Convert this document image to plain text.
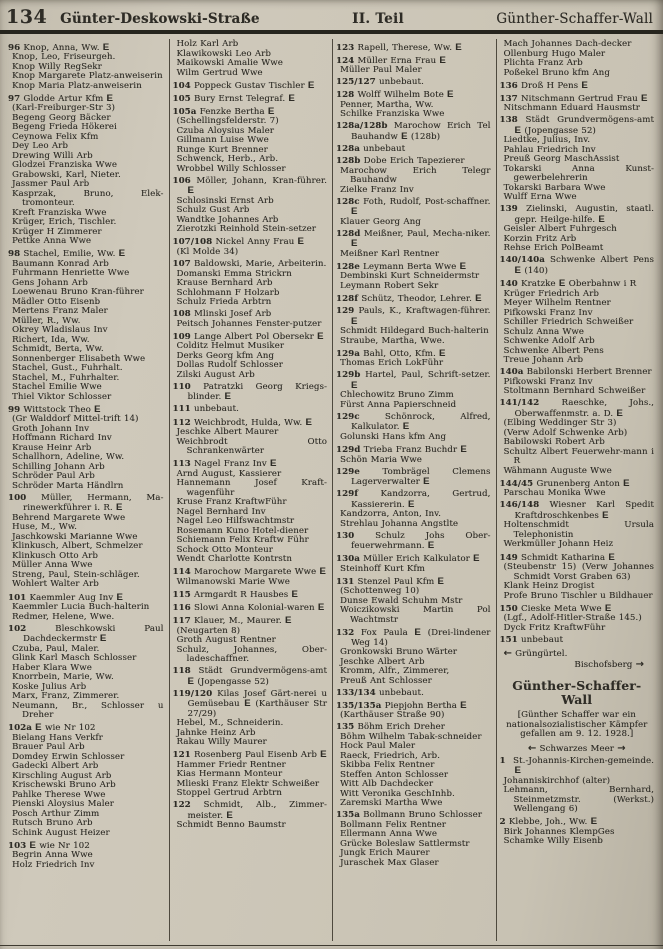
134 Günter-Deskowski-Straße	II. Teil	Günther-Schaffer-Wall
96 Knop, Anna, Ww. E
Knop, Leo, Friseurgeh.
Knop Willy RegSekr
Knop Margarete Platz-anweiserin
Knop Maria Platz-anweiserin
97 Glodde Artur Kfm E
(Karl-Freiburger-Str 3)
Begeng Georg Bäcker
Begeng Frieda Hökerei
Ceynowa Felix Kfm
Dey Leo Arb
Drewing Willi Arb
Glodzei Franziska Wwe
Grabowski, Karl, Nieter.
Jassmer Paul Arb
Kasprzak, Bruno, Elek-tromonteur.
Kreft Franziska Wwe
Krüger, Erich, Tischler.
Krüger H Zimmerer
Pettke Anna Wwe
98 Stachel, Emilie, Ww. E
Baumann Konrad Arb
Fuhrmann Henriette Wwe
Gens Johann Arb
Loewenau Bruno Kran-führer
Mädler Otto Eisenb
Mertens Franz Maler
Müller, R., Ww.
Okrey Wladislaus Inv
Richert, Ida, Ww.
Schmidt, Berta, Ww.
Sonnenberger Elisabeth Wwe
Stachel, Gust., Fuhrhalt.
Stachel, M., Fuhrhalter.
Stachel Emilie Wwe
Thiel Viktor Schlosser
99 Wittstock Theo E
(Gr Walddorf Mittel-trift 14)
Groth Johann Inv
Hoffmann Richard Inv
Krause Heinr Arb
Schallhorn, Adeline, Ww.
Schilling Johann Arb
Schröder Paul Arb
Schröder Marta Händlrn
100 Müller, Hermann, Ma-rinewerkführer i. R. E
Behrend Margarete Wwe
Huse, M., Ww.
Jaschkowski Marianne Wwe
Klinkusch, Albert, Schmelzer
Klinkusch Otto Arb
Müller Anna Wwe
Streng, Paul, Stein-schläger.
Wohlert Walter Arb
101 Kaemmler Aug Inv E
Kaemmler Lucia Buch-halterin
Redmer, Helene, Wwe.
102	Bleschkowski Paul Dachdeckermstr E
Czuba, Paul, Maler.
Glink Karl Masch Schlosser
Haber Klara Wwe
Knorrbein, Marie, Ww.
Koske Julius Arb
Marx, Franz, Zimmerer.
Neumann, Br., Schlosser u Dreher
102a E wie Nr 102
Bielang Hans Verkfr
Brauer Paul Arb
Domdey Erwin Schlosser
Gadecki Albert Arb
Kirschling August Arb
Krischewski Bruno Arb
Pahlke Therese Wwe
Pienski Aloysius Maler
Posch Arthur Zimm
Rutsch Bruno Arb
Schink August Heizer
103 E wie Nr 102
Begrin Anna Wwe
Holz Friedrich Inv
Holz Karl Arb
Klawikowski Leo Arb
Maikowski Amalie Wwe
Wilm Gertrud Wwe
104 Poppeck Gustav Tischler E
105 Bury Ernst Telegraf. E
105a Fenzke Bertha E
(Schellingsfelderstr. 7)
Czuba Aloysius Maler
Gillmann Luise Wwe
Runge Kurt Brenner
Schwenck, Herb., Arb.
Wrobbel Willy Schlosser
106 Möller, Johann, Kran-führer. E
Schlosinski Ernst Arb
Schulz Gust Arb
Wandtke Johannes Arb
Zierotzki Reinhold Stein-setzer
107/108 Nickel Anny Frau E
(Kl Molde 34)
107 Baldowski, Marie, Arbeiterin.
Domanski Emma Strickrn
Krause Bernhard Arb
Schlohmann F Holzarb
Schulz Frieda Arbtrn
108 Mlinski Josef Arb
Peitsch Johannes Fenster-putzer
109 Lange Albert Pol Obersekr E
Colditz Helmut Musiker
Derks Georg kfm Ang
Dollas Rudolf Schlosser
Zilski August Arb
110 Patratzki Georg Kriegs-blinder. E
111 unbebaut.
112 Weichbrodt, Hulda, Ww. E
Jeschke Albert Maurer
Weichbrodt Otto Schrankenwärter
113 Nagel Franz Inv E
Arnd August, Kassierer
Hannemann Josef Kraft-wagenführ
Kruse Franz KraftwFühr
Nagel Bernhard Inv
Nagel Leo Hilfswachtmstr
Rosemann Kuno Hotel-diener
Schiemann Felix Kraftw Führ
Schock Otto Monteur
Wendt Charlotte Kontrstn
114 Marochow Margarete Wwe E
Wilmanowski Marie Wwe
115 Armgardt R Hausbes E
116 Slowi Anna Kolonial-waren E
117 Klauer, M., Maurer. E
(Neugarten 8)
Groth August Rentner
Schulz, Johannes, Ober-ladeschaffner.
118 Städt Grundvermögens-amt E (Jopengasse 52)
119/120 Kilas Josef Gärt-nerei u Gemüsebau E (Karthäuser Str 27/29)
Hebel, M., Schneiderin.
Jahnke Heinz Arb
Rakau Willy Maurer
121 Rosenberg Paul Eisenb Arb E
Hammer Friedr Rentner
Kias Hermann Monteur
Mlieski Franz Elektr Schweißer
Stoppel Gertrud Arbtrn
122 Schmidt, Alb., Zimmer-meister. E
Schmidt Benno Baumstr
123 Rapell, Therese, Ww. E
124 Müller Erna Frau E
Müller Paul Maler
125/127 unbebaut.
128 Wolff Wilhelm Bote E
Penner, Martha, Ww.
Schilke Franziska Wwe
128a/128b Marochow Erich Tel Bauhandw E (128b)
128a unbebaut
128b Dobe Erich Tapezierer
Marochow Erich Telegr Bauhandw
Zielke Franz Inv
128c Foth, Rudolf, Post-schaffner. E
Klauer Georg Ang
128d Meißner, Paul, Mecha-niker. E
Meißner Karl Rentner
128e Leymann Berta Wwe E
Dembinski Kurt Schneidermstr
Leymann Robert Sekr
128f Schütz, Theodor, Lehrer. E
129 Pauls, K., Kraftwagen-führer. E
Schmidt Hildegard Buch-halterin
Straube, Martha, Wwe.
129a Bahl, Otto, Kfm. E
Thomas Erich LokFühr
129b Hartel, Paul, Schrift-setzer. E
Chlechowitz Bruno Zimm
Fürst Anna Papierschneid
129c	Schönrock, Alfred, Kalkulator. E
Golunski Hans kfm Ang
129d Trieba Franz Buchdr E
Schön Maria Wwe
129e	Tombrägel Clemens Lagerverwalter E
129f	Kandzorra, Gertrud, Kassiererin. E
Kandzorra, Anton, Inv.
Strehlau Johanna Angstlte
130 Schulz Johs Ober-feuerwehrmann. E
130a Müller Erich Kalkulator E
Steinhoff Kurt Kfm
131 Stenzel Paul Kfm E
(Schottenweg 10)
Dunse Ewald Schuhm Mstr
Woiczikowski Martin Pol Wachtmstr
132 Fox Paula E (Drei-lindener Weg 14)
Gronkowski Bruno Wärter
Jeschke Albert Arb
Kromm, Alfr., Zimmerer,
Preuß Ant Schlosser
133/134 unbebaut.
135/135a Piepjohn Bertha E
(Karthäuser Straße 90)
135 Böhm Erich Dreher
Böhm Wilhelm Tabak-schneider
Hock Paul Maler
Raeck, Friedrich, Arb.
Skibba Felix Rentner
Steffen Anton Schlosser
Witt Alb Dachdecker
Witt Veronika GeschInhb.
Zaremski Martha Wwe
135a Bollmann Bruno Schlosser
Bollmann Felix Rentner
Ellermann Anna Wwe
Grücke Boleslaw Sattlermstr
Jungk Erich Maurer
Juraschek Max Glaser
Mach Johannes Dach-decker
Ollenburg Hugo Maler
Plichta Franz Arb
Poßekel Bruno kfm Ang
136 Droß H Pens E
137 Nitschmann Gertrud Frau E
Nitschmann Eduard Hausmstr
138 Städt Grundvermögens-amt E (Jopengasse 52)
Liedtke, Julius, Inv.
Pahlau Friedrich Inv
Preuß Georg MaschAssist
Tokarski Anna Kunst-gewerbelehrerin
Tokarski Barbara Wwe
Wulff Erna Wwe
139 Zielinski, Augustin, staatl. gepr. Heilge-hilfe. E
Geisler Albert Fuhrgesch
Korzin Fritz Arb
Rehse Erich PolBeamt
140/140a Schwenke Albert Pens E (140)
140 Kratzke E Oberbahnw i R
Krüger Friedrich Arb
Meyer Wilhelm Rentner
Pifkowski Franz Inv
Schiller Friedrich Schweißer
Schulz Anna Wwe
Schwenke Adolf Arb
Schwenke Albert Pens
Treue Johann Arb
140a Babilonski Herbert Brenner
Pifkowski Franz Inv
Stoltmann Bernhard Schweißer
141/142	Raeschke, Johs., Oberwaffenmstr. a. D. E
(Elbing Weddinger Str 3)
(Verw Adolf Schwenke Arb)
Babilowski Robert Arb
Schultz Albert Feuerwehr-mann i R
Wähmann Auguste Wwe
144/45 Grunenberg Anton E
Parschau Monika Wwe
146/148 Wiesner Karl Spedit Kraftdroschkenbes E
Holtenschmidt Ursula Telephonistin
Werkmüller Johann Heiz
149 Schmidt Katharina E
(Steubenstr 15) (Verw Johannes Schmidt Vorst Graben 63)
Klank Heinz Drogist
Profe Bruno Tischler u Bildhauer
150 Cieske Meta Wwe E
(Lgf., Adolf-Hitler-Straße 145.)
Dyck Fritz KraftwFühr
151 unbebaut
← Grüngürtel.
Bischofsberg →
Günther-Schaffer-Wall
[Günther Schaffer war ein nationalsozialistischer Kämpfer gefallen am 9. 12. 1928.]
← Schwarzes Meer →
1 St.-Johannis-Kirchen-gemeinde. E
Johanniskirchhof (alter)
Lehmann, Bernhard, Steinmetzmstr. (Werkst.) Wellengang 6)
2 Klebbe, Joh., Ww. E
Birk Johannes KlempGes
Schamke Willy Eisenb
